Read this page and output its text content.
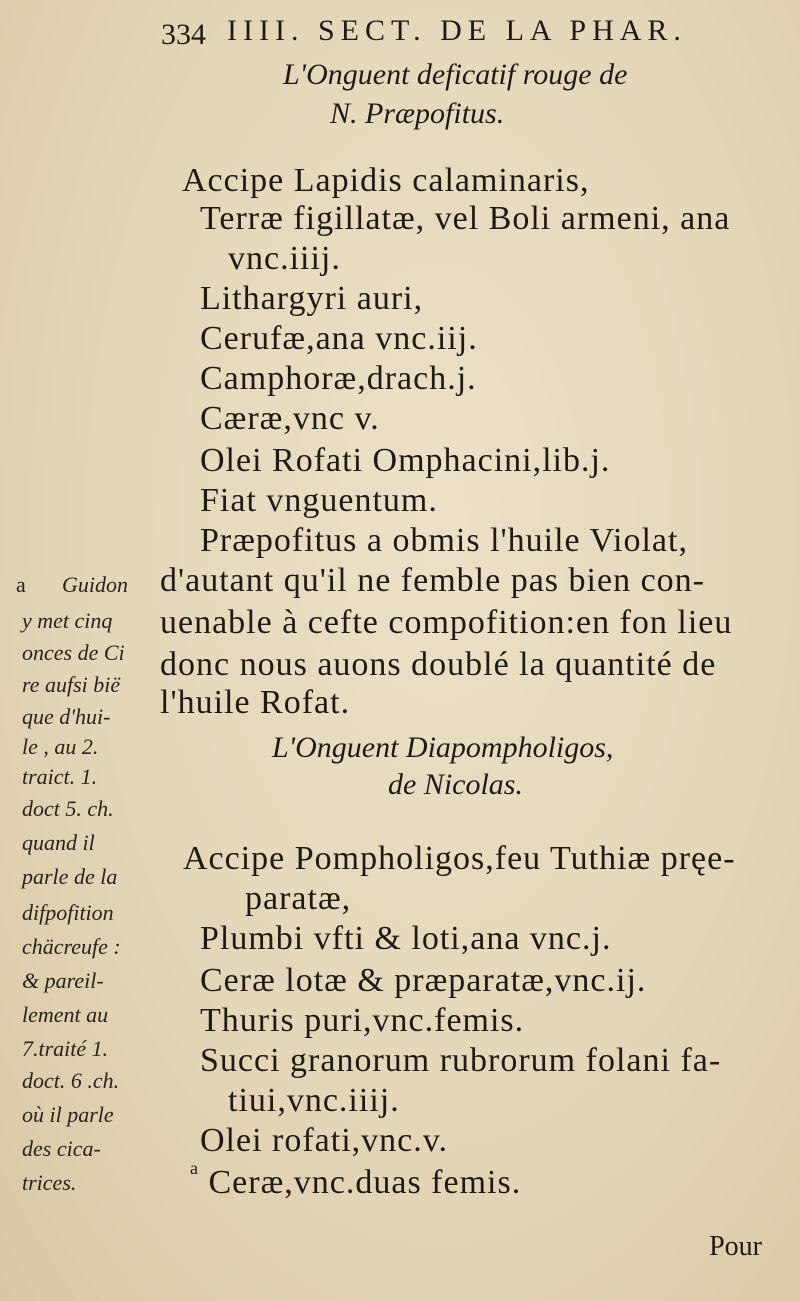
334 IIII. SECT. DE LA PHAR.
L'Onguent deficatif rouge de
N. Præpofitus.
Accipe Lapidis calaminaris,
Terræ figillatæ, vel Boli armeni, ana
vnc.iiij.
Lithargyri auri,
Cerufæ,ana vnc.iij.
Camphoræ,drach.j.
Cæræ,vnc v.
Olei Rofati Omphacini,lib.j.
Fiat vnguentum.
Præpofitus a obmis l'huile Violat,
d'autant qu'il ne femble pas bien con-
uenable à cefte compofition:en fon lieu
donc nous auons doublé la quantité de
l'huile Rofat.
L'Onguent Diapompholigos,
de Nicolas.
Accipe Pompholigos,feu Tuthiæ pręe-
paratæ,
Plumbi vfti & loti,ana vnc.j.
Ceræ lotæ & præparatæ,vnc.ij.
Thuris puri,vnc.femis.
Succi granorum rubrorum folani fa-
tiui,vnc.iiij.
Olei rofati,vnc.v.
$^a$ Ceræ,vnc.duas femis.
a Guidon
y met cinq
onces de Ci
re aufsi bië
que d'hui-
le , au 2.
traict. 1.
doct 5. ch.
quand il
parle de la
difpofition
chäcreufe :
& pareil-
lement au
7.traité 1.
doct. 6 .ch.
où il parle
des cica-
trices.
Pour
